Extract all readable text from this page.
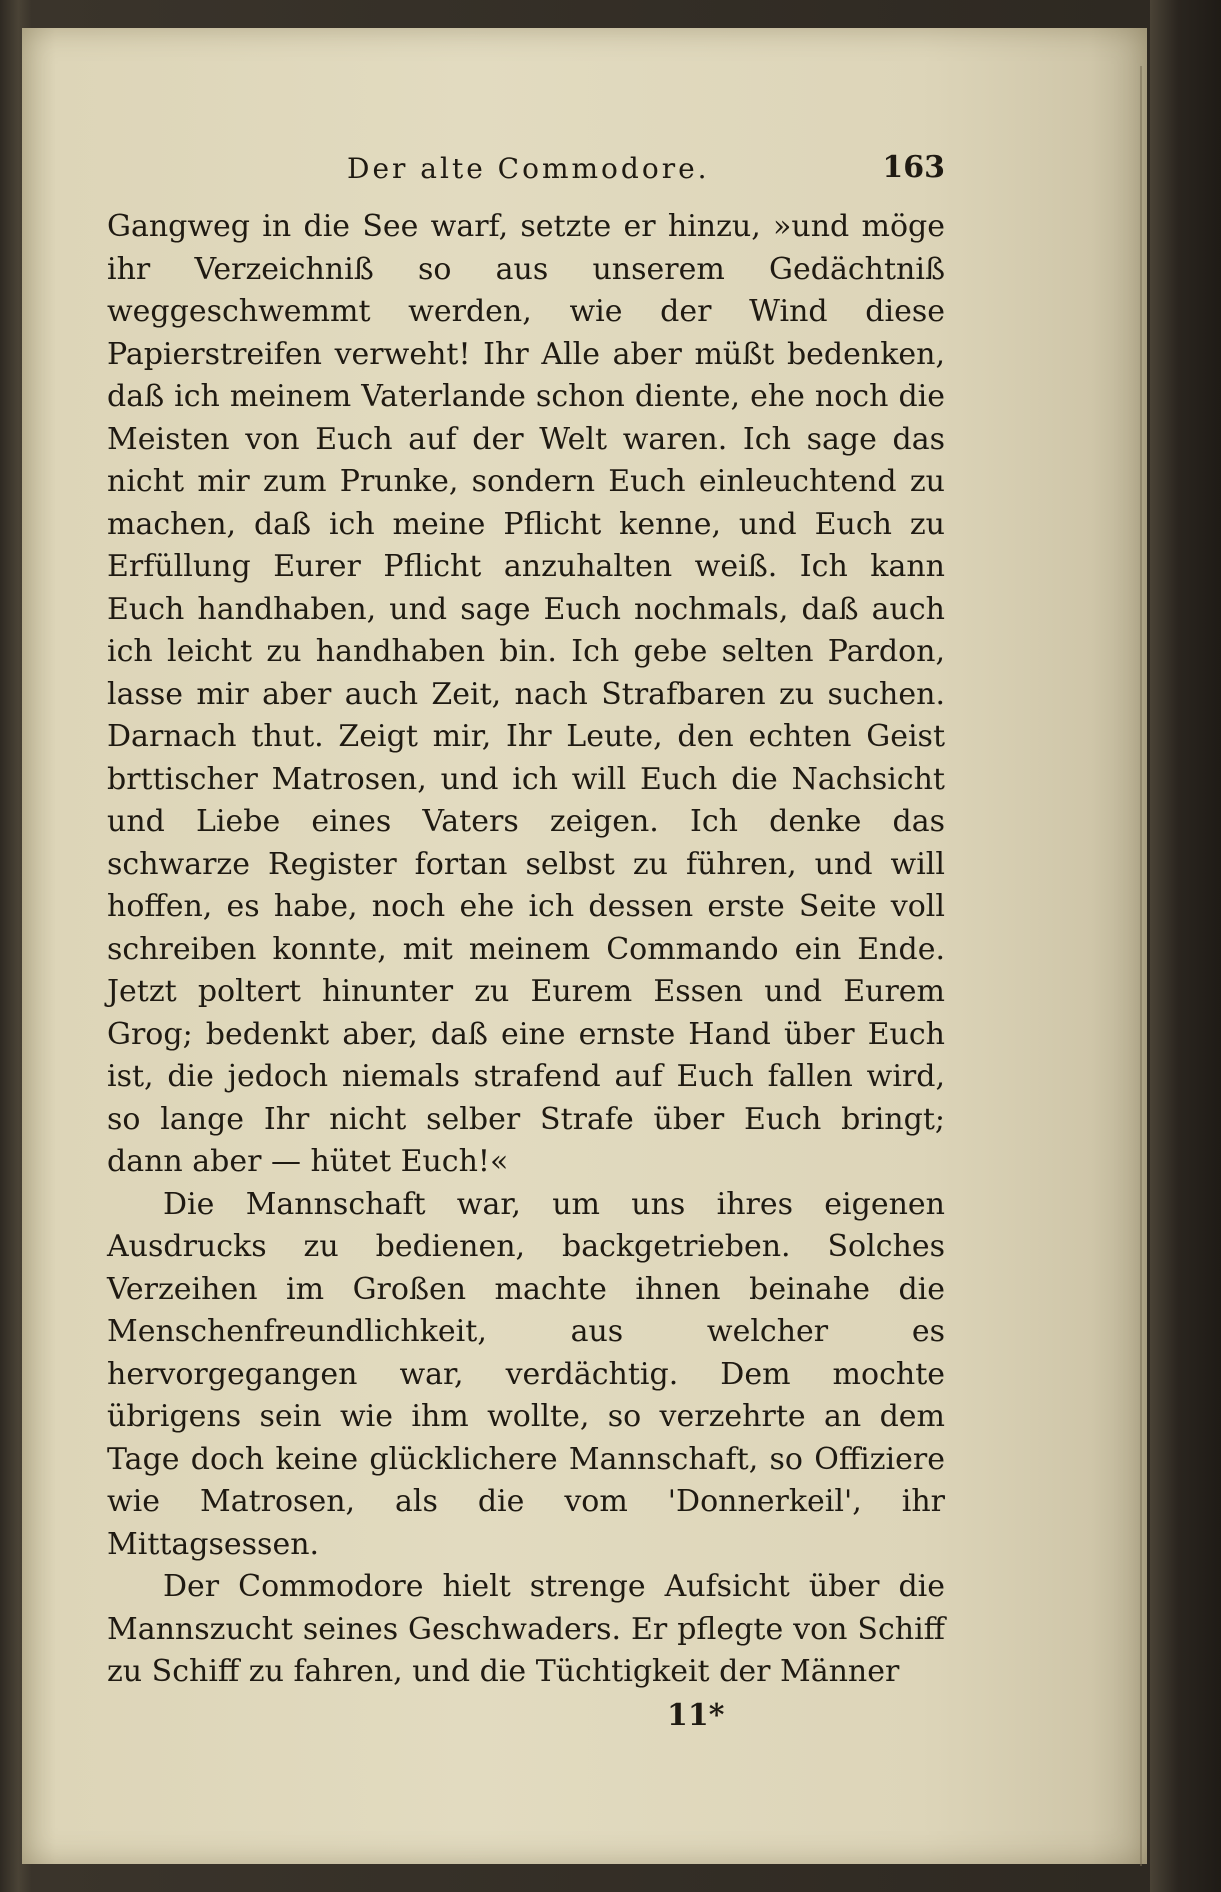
Der alte Commodore.	163

Gangweg in die See warf, setzte er hinzu, »und möge ihr Verzeichniß so aus unserem Gedächtniß weggeschwemmt werden, wie der Wind diese Papierstreifen verweht! Ihr Alle aber müßt bedenken, daß ich meinem Vaterlande schon diente, ehe noch die Meisten von Euch auf der Welt waren. Ich sage das nicht mir zum Prunke, sondern Euch einleuchtend zu machen, daß ich meine Pflicht kenne, und Euch zu Erfüllung Eurer Pflicht anzuhalten weiß. Ich kann Euch handhaben, und sage Euch nochmals, daß auch ich leicht zu handhaben bin. Ich gebe selten Pardon, lasse mir aber auch Zeit, nach Strafbaren zu suchen. Darnach thut. Zeigt mir, Ihr Leute, den echten Geist brttischer Matrosen, und ich will Euch die Nachsicht und Liebe eines Vaters zeigen. Ich denke das schwarze Register fortan selbst zu führen, und will hoffen, es habe, noch ehe ich dessen erste Seite voll schreiben konnte, mit meinem Commando ein Ende. Jetzt poltert hinunter zu Eurem Essen und Eurem Grog; bedenkt aber, daß eine ernste Hand über Euch ist, die jedoch niemals strafend auf Euch fallen wird, so lange Ihr nicht selber Strafe über Euch bringt; dann aber — hütet Euch!«

Die Mannschaft war, um uns ihres eigenen Ausdrucks zu bedienen, backgetrieben. Solches Verzeihen im Großen machte ihnen beinahe die Menschenfreundlichkeit, aus welcher es hervorgegangen war, verdächtig. Dem mochte übrigens sein wie ihm wollte, so verzehrte an dem Tage doch keine glücklichere Mannschaft, so Offiziere wie Matrosen, als die vom 'Donnerkeil', ihr Mittagsessen.

Der Commodore hielt strenge Aufsicht über die Mannszucht seines Geschwaders. Er pflegte von Schiff zu Schiff zu fahren, und die Tüchtigkeit der Männer

11*
